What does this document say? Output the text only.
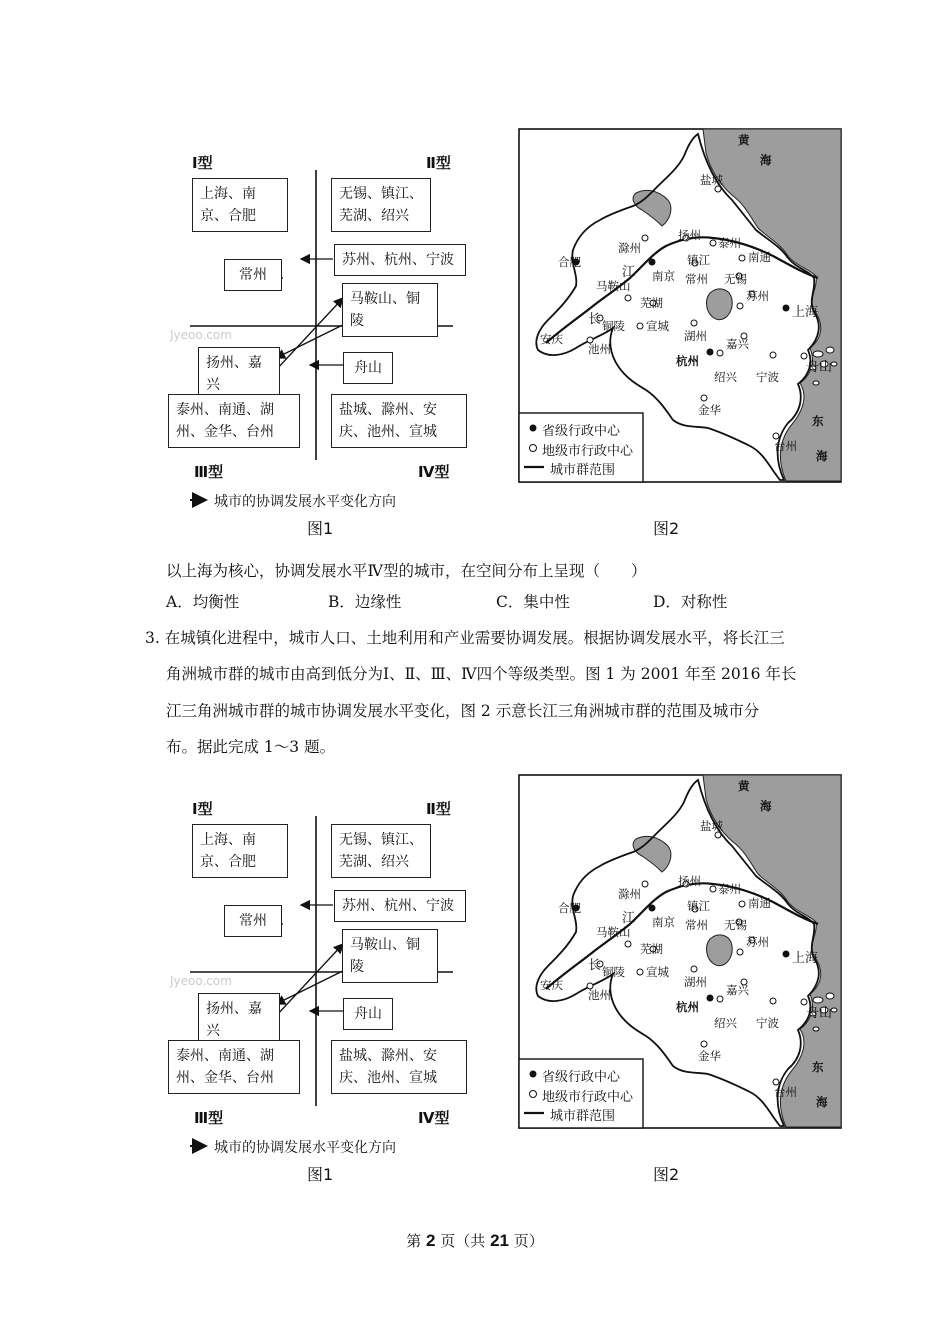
Ⅰ型	Ⅱ型
Ⅲ型	Ⅳ型
上海、南京、合肥
无锡、镇江、芜湖、绍兴
苏州、杭州、宁波
常州
马鞍山、铜陵
扬州、嘉兴
舟山
泰州、南通、湖州、金华、台州
盐城、滁州、安庆、池州、宣城
Jyeoo.com
城市的协调发展水平变化方向
黄
海
东
海
江
长
盐城
滁州
扬州
泰州
南通
合肥
南京
镇江
常州 无锡
马鞍山
芜湖	苏州
上海
铜陵 宣城
湖州
安庆
池州
杭州
嘉兴
绍兴 宁波
舟山
金华
台州
省级行政中心
地级市行政中心
城市群范围
Ⅰ型	Ⅱ型
Ⅲ型	Ⅳ型
上海、南京、合肥
无锡、镇江、芜湖、绍兴
苏州、杭州、宁波
常州
马鞍山、铜陵
扬州、嘉兴
舟山
泰州、南通、湖州、金华、台州
盐城、滁州、安庆、池州、宣城
Jyeoo.com
城市的协调发展水平变化方向
黄
海
东
海
江
长
盐城
滁州
扬州
泰州
南通
合肥
南京
镇江
常州 无锡
马鞍山
芜湖	苏州
上海
铜陵 宣城
湖州
安庆
池州
杭州
嘉兴
绍兴 宁波
舟山
金华
台州
省级行政中心
地级市行政中心
城市群范围
图1	图2
以上海为核心，协调发展水平Ⅳ型的城市，在空间分布上呈现（　　）
A．均衡性	B．边缘性	C．集中性	D．对称性
3. 在城镇化进程中，城市人口、土地利用和产业需要协调发展。根据协调发展水平，将长江三
角洲城市群的城市由高到低分为Ⅰ、Ⅱ、Ⅲ、Ⅳ四个等级类型。图 1 为 2001 年至 2016 年长
江三角洲城市群的城市协调发展水平变化，图 2 示意长江三角洲城市群的范围及城市分
布。据此完成 1～3 题。
图1	图2
第 2 页（共 21 页）
